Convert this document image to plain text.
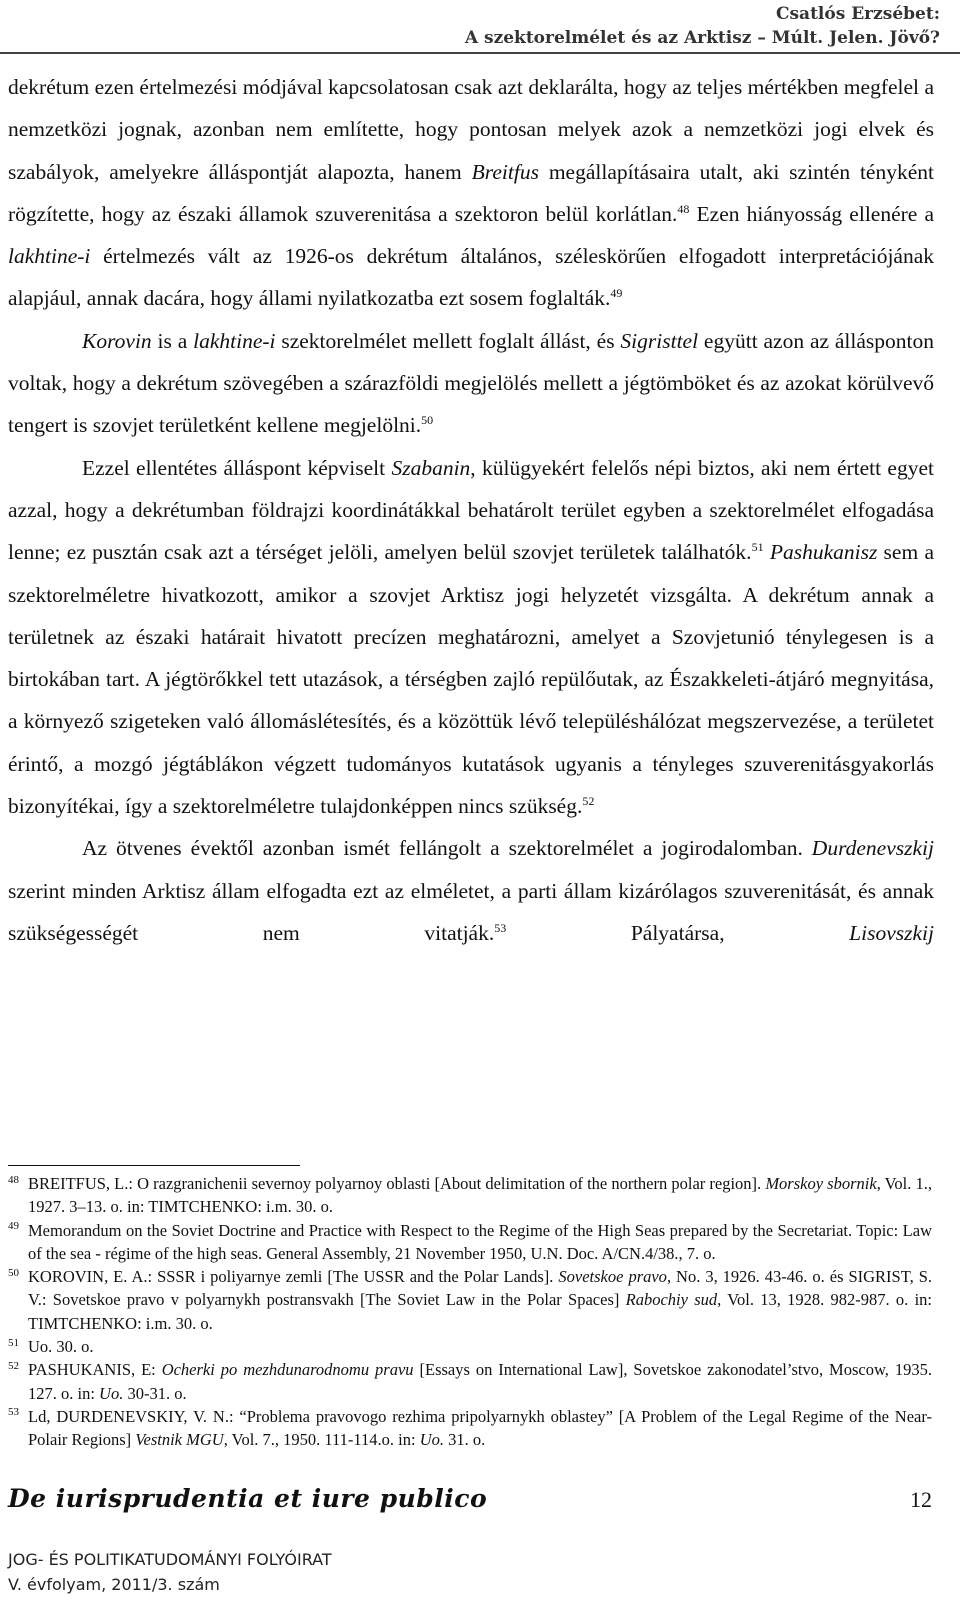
Csatlós Erzsébet:
A szektorelmélet és az Arktisz – Múlt. Jelen. Jövő?

dekrétum ezen értelmezési módjával kapcsolatosan csak azt deklarálta, hogy az teljes mértékben megfelel a nemzetközi jognak, azonban nem említette, hogy pontosan melyek azok a nemzetközi jogi elvek és szabályok, amelyekre álláspontját alapozta, hanem Breitfus megállapításaira utalt, aki szintén tényként rögzítette, hogy az északi államok szuverenitása a szektoron belül korlátlan.$^{48}$ Ezen hiányosság ellenére a lakhtine-i értelmezés vált az 1926-os dekrétum általános, széleskörűen elfogadott interpretációjának alapjául, annak dacára, hogy állami nyilatkozatba ezt sosem foglalták.$^{49}$

Korovin is a lakhtine-i szektorelmélet mellett foglalt állást, és Sigristtel együtt azon az állásponton voltak, hogy a dekrétum szövegében a szárazföldi megjelölés mellett a jégtömböket és az azokat körülvevő tengert is szovjet területként kellene megjelölni.$^{50}$

Ezzel ellentétes álláspont képviselt Szabanin, külügyekért felelős népi biztos, aki nem értett egyet azzal, hogy a dekrétumban földrajzi koordinátákkal behatárolt terület egyben a szektorelmélet elfogadása lenne; ez pusztán csak azt a térséget jelöli, amelyen belül szovjet területek találhatók.$^{51}$ Pashukanisz sem a szektorelméletre hivatkozott, amikor a szovjet Arktisz jogi helyzetét vizsgálta. A dekrétum annak a területnek az északi határait hivatott precízen meghatározni, amelyet a Szovjetunió ténylegesen is a birtokában tart. A jégtörőkkel tett utazások, a térségben zajló repülőutak, az Északkeleti-átjáró megnyitása, a környező szigeteken való állomáslétesítés, és a közöttük lévő településhálózat megszervezése, a területet érintő, a mozgó jégtáblákon végzett tudományos kutatások ugyanis a tényleges szuverenitásgyakorlás bizonyítékai, így a szektorelméletre tulajdonképpen nincs szükség.$^{52}$

Az ötvenes évektől azonban ismét fellángolt a szektorelmélet a jogirodalomban. Durdenevszkij szerint minden Arktisz állam elfogadta ezt az elméletet, a parti állam kizárólagos szuverenitását, és annak szükségességét nem vitatják.$^{53}$ Pályatársa, Lisovszkij

$^{48}$ BREITFUS, L.: O razgranichenii severnoy polyarnoy oblasti [About delimitation of the northern polar region]. Morskoy sbornik, Vol. 1., 1927. 3–13. o. in: TIMTCHENKO: i.m. 30. o.

$^{49}$ Memorandum on the Soviet Doctrine and Practice with Respect to the Regime of the High Seas prepared by the Secretariat. Topic: Law of the sea - régime of the high seas. General Assembly, 21 November 1950, U.N. Doc. A/CN.4/38., 7. o.

$^{50}$ KOROVIN, E. A.: SSSR i poliyarnye zemli [The USSR and the Polar Lands]. Sovetskoe pravo, No. 3, 1926. 43-46. o. és SIGRIST, S. V.: Sovetskoe pravo v polyarnykh postransvakh [The Soviet Law in the Polar Spaces] Rabochiy sud, Vol. 13, 1928. 982-987. o. in: TIMTCHENKO: i.m. 30. o.

$^{51}$ Uo. 30. o.

$^{52}$ PASHUKANIS, E: Ocherki po mezhdunarodnomu pravu [Essays on International Law], Sovetskoe zakonodatel’stvo, Moscow, 1935. 127. o. in: Uo. 30-31. o.

$^{53}$ Ld, DURDENEVSKIY, V. N.: “Problema pravovogo rezhima pripolyarnykh oblastey” [A Problem of the Legal Regime of the Near-Polair Regions] Vestnik MGU, Vol. 7., 1950. 111-114.o. in: Uo. 31. o.

De iurisprudentia et iure publico	12
JOG- ÉS POLITIKATUDOMÁNYI FOLYÓIRAT
V. évfolyam, 2011/3. szám
